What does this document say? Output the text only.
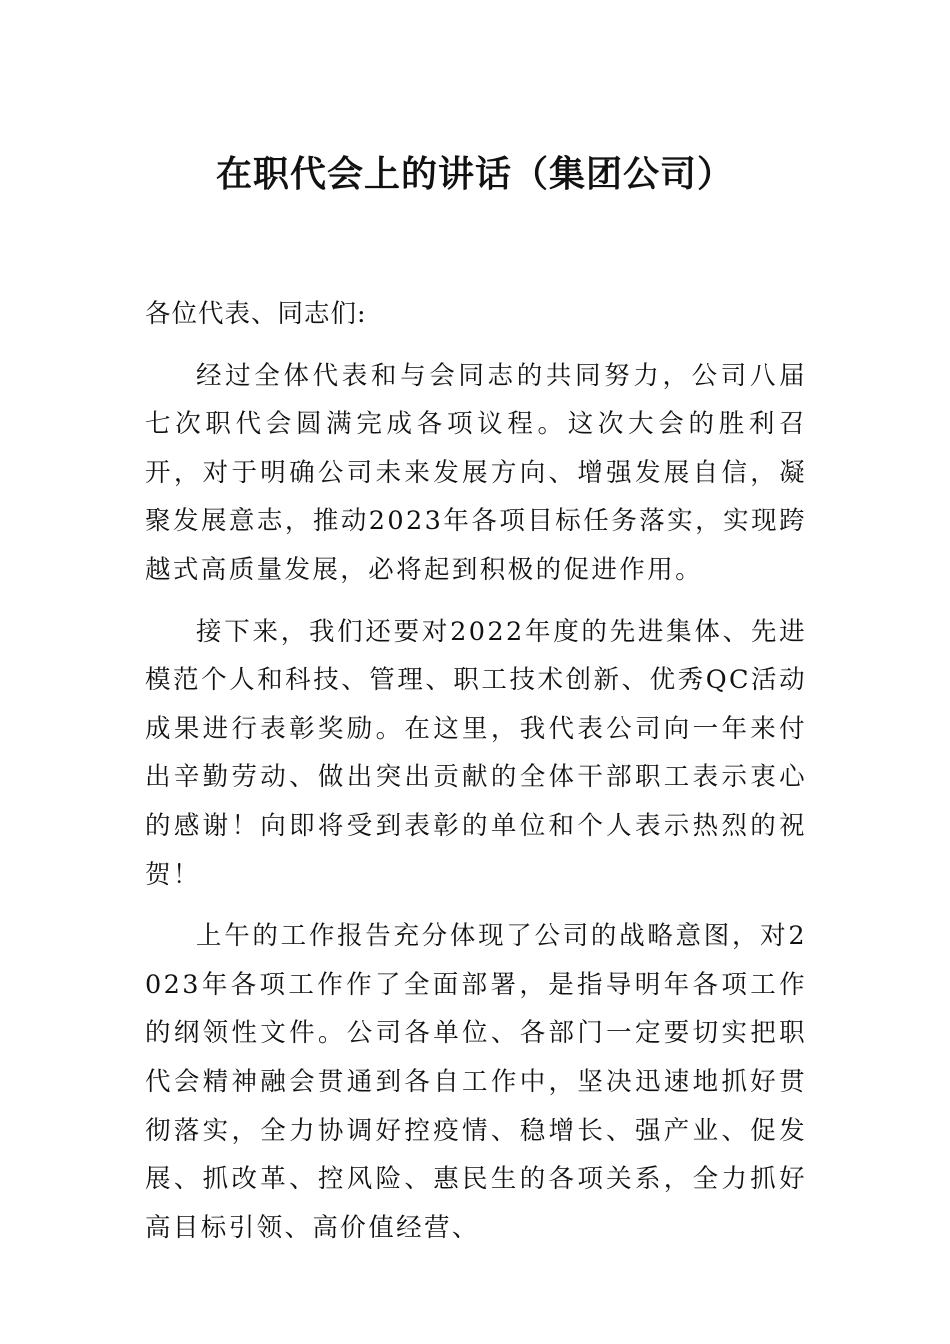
在职代会上的讲话（集团公司）

各位代表、同志们:

经过全体代表和与会同志的共同努力，公司八届七次职代会圆满完成各项议程。这次大会的胜利召开，对于明确公司未来发展方向、增强发展自信，凝聚发展意志，推动2023年各项目标任务落实，实现跨越式高质量发展，必将起到积极的促进作用。

接下来，我们还要对2022年度的先进集体、先进模范个人和科技、管理、职工技术创新、优秀QC活动成果进行表彰奖励。在这里，我代表公司向一年来付出辛勤劳动、做出突出贡献的全体干部职工表示衷心的感谢！向即将受到表彰的单位和个人表示热烈的祝贺！

上午的工作报告充分体现了公司的战略意图，对2023年各项工作作了全面部署，是指导明年各项工作的纲领性文件。公司各单位、各部门一定要切实把职代会精神融会贯通到各自工作中，坚决迅速地抓好贯彻落实，全力协调好控疫情、稳增长、强产业、促发展、抓改革、控风险、惠民生的各项关系，全力抓好高目标引领、高价值经营、
